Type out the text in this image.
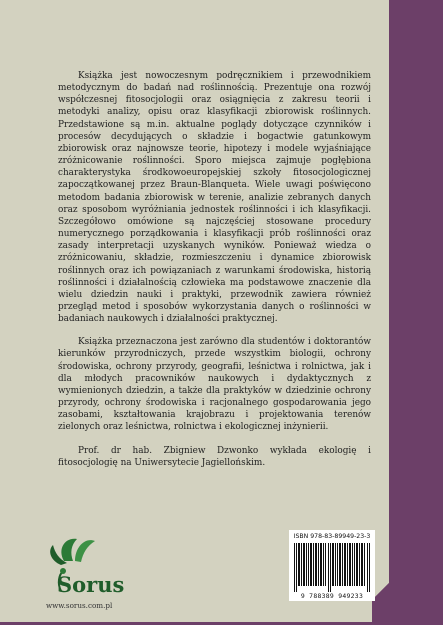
Książka jest nowoczesnym podręcznikiem i przewodnikiem metodycznym do badań nad roślinnością. Prezentuje ona rozwój współczesnej fitosocjologii oraz osiągnięcia z zakresu teorii i metodyki analizy, opisu oraz klasyfikacji zbiorowisk roślinnych. Przedstawione są m.in. aktualne poglądy dotyczące czynników i procesów decydujących o składzie i bogactwie gatunkowym zbiorowisk oraz najnowsze teorie, hipotezy i modele wyjaśniające zróżnicowanie roślinności. Sporo miejsca zajmuje pogłębiona charakterystyka środkowoeuropejskiej szkoły fitosocjologicznej zapoczątkowanej przez Braun-Blanqueta. Wiele uwagi poświęcono metodom badania zbiorowisk w terenie, analizie zebranych danych oraz sposobom wyróżniania jednostek roślinności i ich klasyfikacji. Szczegółowo omówione są najczęściej stosowane procedury numerycznego porządkowania i klasyfikacji prób roślinności oraz zasady interpretacji uzyskanych wyników. Ponieważ wiedza o zróżnicowaniu, składzie, rozmieszczeniu i dynamice zbiorowisk roślinnych oraz ich powiązaniach z warunkami środowiska, historią roślinności i działalnością człowieka ma podstawowe znaczenie dla wielu dziedzin nauki i praktyki, przewodnik zawiera również przegląd metod i sposobów wykorzystania danych o roślinności w badaniach naukowych i działalności praktycznej.

Książka przeznaczona jest zarówno dla studentów i doktorantów kierunków przyrodniczych, przede wszystkim biologii, ochrony środowiska, ochrony przyrody, geografii, leśnictwa i rolnictwa, jak i dla młodych pracowników naukowych i dydaktycznych z wymienionych dziedzin, a także dla praktyków w dziedzinie ochrony przyrody, ochrony środowiska i racjonalnego gospodarowania jego zasobami, kształtowania krajobrazu i projektowania terenów zielonych oraz leśnictwa, rolnictwa i ekologicznej inżynierii.

Prof. dr hab. Zbigniew Dzwonko wykłada ekologię i fitosocjologię na Uniwersytecie Jagiellońskim.

Sorus
www.sorus.com.pl
ISBN 978-83-89949-23-3
9 788389 949233
